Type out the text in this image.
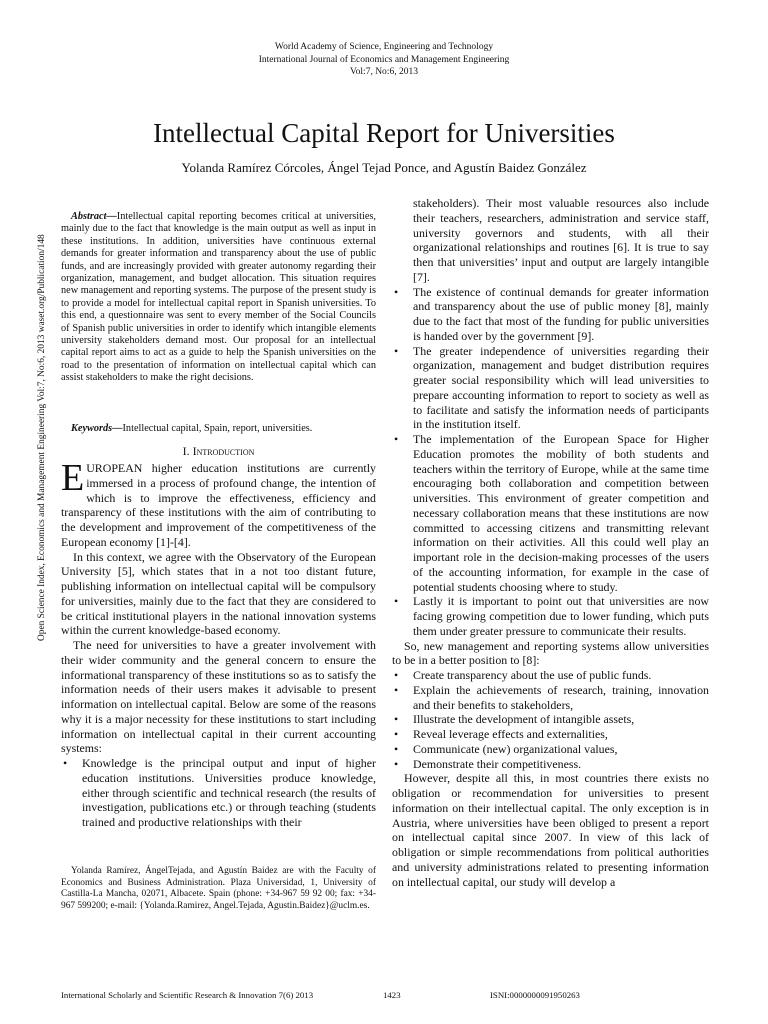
World Academy of Science, Engineering and Technology
International Journal of Economics and Management Engineering
Vol:7, No:6, 2013
Intellectual Capital Report for Universities
Yolanda Ramírez Córcoles, Ángel Tejad Ponce, and Agustín Baidez González
Open Science Index, Economics and Management Engineering Vol:7, No:6, 2013 waset.org/Publication/148

Abstract—Intellectual capital reporting becomes critical at universities, mainly due to the fact that knowledge is the main output as well as input in these institutions. In addition, universities have continuous external demands for greater information and transparency about the use of public funds, and are increasingly provided with greater autonomy regarding their organization, management, and budget allocation. This situation requires new management and reporting systems. The purpose of the present study is to provide a model for intellectual capital report in Spanish universities. To this end, a questionnaire was sent to every member of the Social Councils of Spanish public universities in order to identify which intangible elements university stakeholders demand most. Our proposal for an intellectual capital report aims to act as a guide to help the Spanish universities on the road to the presentation of information on intellectual capital which can assist stakeholders to make the right decisions.

Keywords—Intellectual capital, Spain, report, universities.

I. Introduction

EUROPEAN higher education institutions are currently immersed in a process of profound change, the intention of which is to improve the effectiveness, efficiency and transparency of these institutions with the aim of contributing to the development and improvement of the competitiveness of the European economy [1]-[4].

In this context, we agree with the Observatory of the European University [5], which states that in a not too distant future, publishing information on intellectual capital will be compulsory for universities, mainly due to the fact that they are considered to be critical institutional players in the national innovation systems within the current knowledge-based economy.

The need for universities to have a greater involvement with their wider community and the general concern to ensure the informational transparency of these institutions so as to satisfy the information needs of their users makes it advisable to present information on intellectual capital. Below are some of the reasons why it is a major necessity for these institutions to start including information on intellectual capital in their current accounting systems:

• Knowledge is the principal output and input of higher education institutions. Universities produce knowledge, either through scientific and technical research (the results of investigation, publications etc.) or through teaching (students trained and productive relationships with their

Yolanda Ramírez, ÁngelTejada, and Agustín Baidez are with the Faculty of Economics and Business Administration. Plaza Universidad, 1, University of Castilla-La Mancha, 02071, Albacete. Spain (phone: +34-967 59 92 00; fax: +34-967 599200; e-mail: {Yolanda.Ramirez, Angel.Tejada, Agustin.Baidez}@uclm.es.

stakeholders). Their most valuable resources also include their teachers, researchers, administration and service staff, university governors and students, with all their organizational relationships and routines [6]. It is true to say then that universities’ input and output are largely intangible [7].

• The existence of continual demands for greater information and transparency about the use of public money [8], mainly due to the fact that most of the funding for public universities is handed over by the government [9].
• The greater independence of universities regarding their organization, management and budget distribution requires greater social responsibility which will lead universities to prepare accounting information to report to society as well as to facilitate and satisfy the information needs of participants in the institution itself.
• The implementation of the European Space for Higher Education promotes the mobility of both students and teachers within the territory of Europe, while at the same time encouraging both collaboration and competition between universities. This environment of greater competition and necessary collaboration means that these institutions are now committed to accessing citizens and transmitting relevant information on their activities. All this could well play an important role in the decision-making processes of the users of the accounting information, for example in the case of potential students choosing where to study.
• Lastly it is important to point out that universities are now facing growing competition due to lower funding, which puts them under greater pressure to communicate their results.

So, new management and reporting systems allow universities to be in a better position to [8]:

• Create transparency about the use of public funds.
• Explain the achievements of research, training, innovation and their benefits to stakeholders,
• Illustrate the development of intangible assets,
• Reveal leverage effects and externalities,
• Communicate (new) organizational values,
• Demonstrate their competitiveness.

However, despite all this, in most countries there exists no obligation or recommendation for universities to present information on their intellectual capital. The only exception is in Austria, where universities have been obliged to present a report on intellectual capital since 2007. In view of this lack of obligation or simple recommendations from political authorities and university administrations related to presenting information on intellectual capital, our study will develop a

International Scholarly and Scientific Research & Innovation 7(6) 2013	1423	ISNI:0000000091950263
